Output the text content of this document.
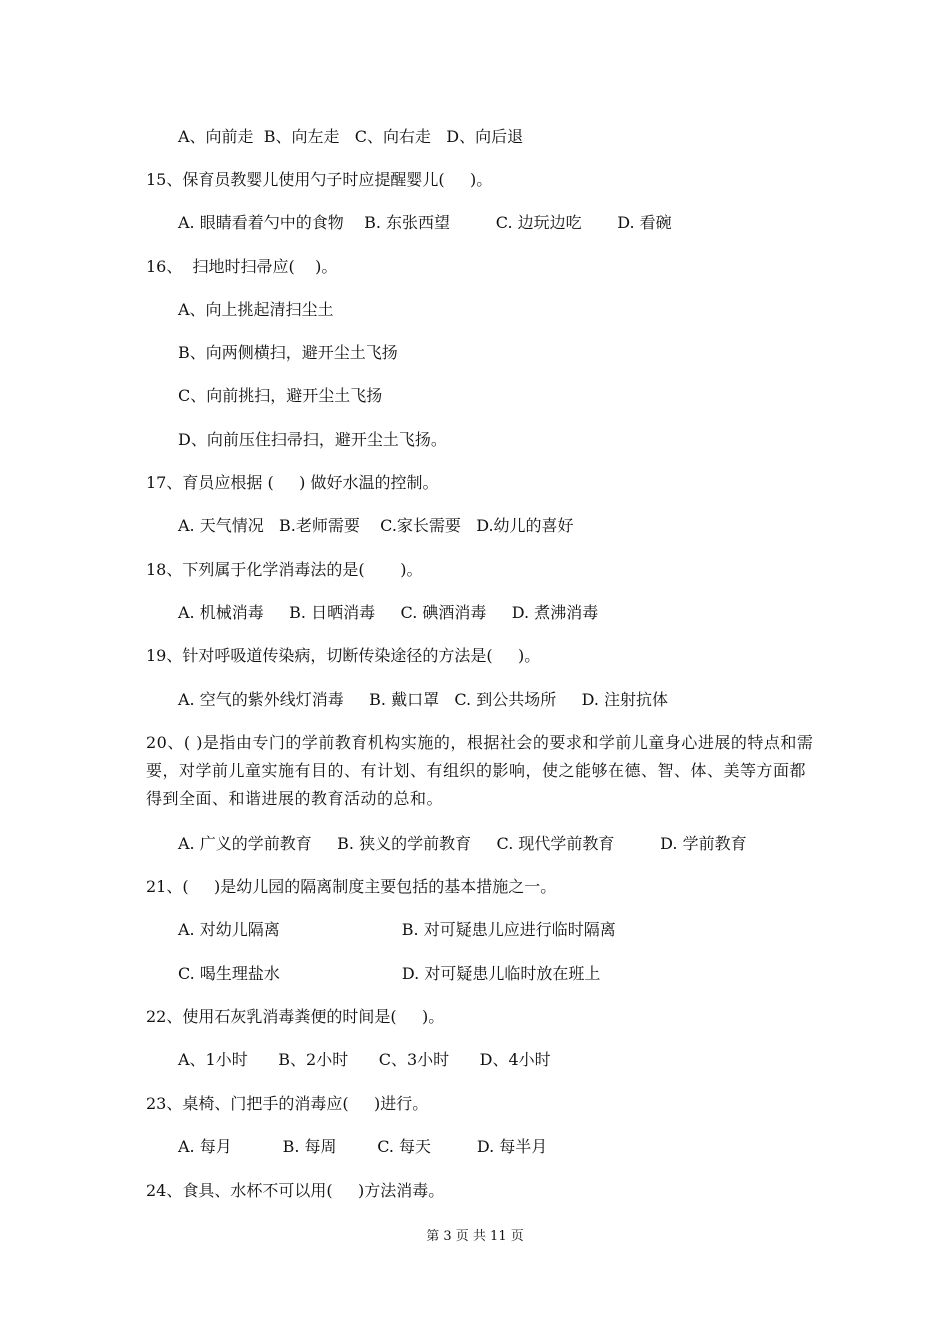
A、向前走  B、向左走   C、向右走   D、向后退
15、保育员教婴儿使用勺子时应提醒婴儿(     )。
A. 眼睛看着勺中的食物    B. 东张西望         C. 边玩边吃       D. 看碗
16、  扫地时扫帚应(    )。
A、向上挑起清扫尘土
B、向两侧横扫，避开尘土飞扬
C、向前挑扫，避开尘土飞扬
D、向前压住扫帚扫，避开尘土飞扬。
17、育员应根据 (     ) 做好水温的控制。
A. 天气情况   B.老师需要    C.家长需要   D.幼儿的喜好
18、下列属于化学消毒法的是(       )。
A. 机械消毒     B. 日晒消毒     C. 碘酒消毒     D. 煮沸消毒
19、针对呼吸道传染病，切断传染途径的方法是(     )。
A. 空气的紫外线灯消毒     B. 戴口罩   C. 到公共场所     D. 注射抗体
20、( )是指由专门的学前教育机构实施的，根据社会的要求和学前儿童身心进展的特点和需要，对学前儿童实施有目的、有计划、有组织的影响，使之能够在德、智、体、美等方面都得到全面、和谐进展的教育活动的总和。
A. 广义的学前教育     B. 狭义的学前教育     C. 现代学前教育         D. 学前教育
21、(     )是幼儿园的隔离制度主要包括的基本措施之一。
A. 对幼儿隔离                        B. 对可疑患儿应进行临时隔离
C. 喝生理盐水                        D. 对可疑患儿临时放在班上
22、使用石灰乳消毒粪便的时间是(     )。
A、1小时      B、2小时      C、3小时      D、4小时
23、桌椅、门把手的消毒应(     )进行。
A. 每月          B. 每周        C. 每天         D. 每半月
24、食具、水杯不可以用(     )方法消毒。
第 3 页 共 11 页
